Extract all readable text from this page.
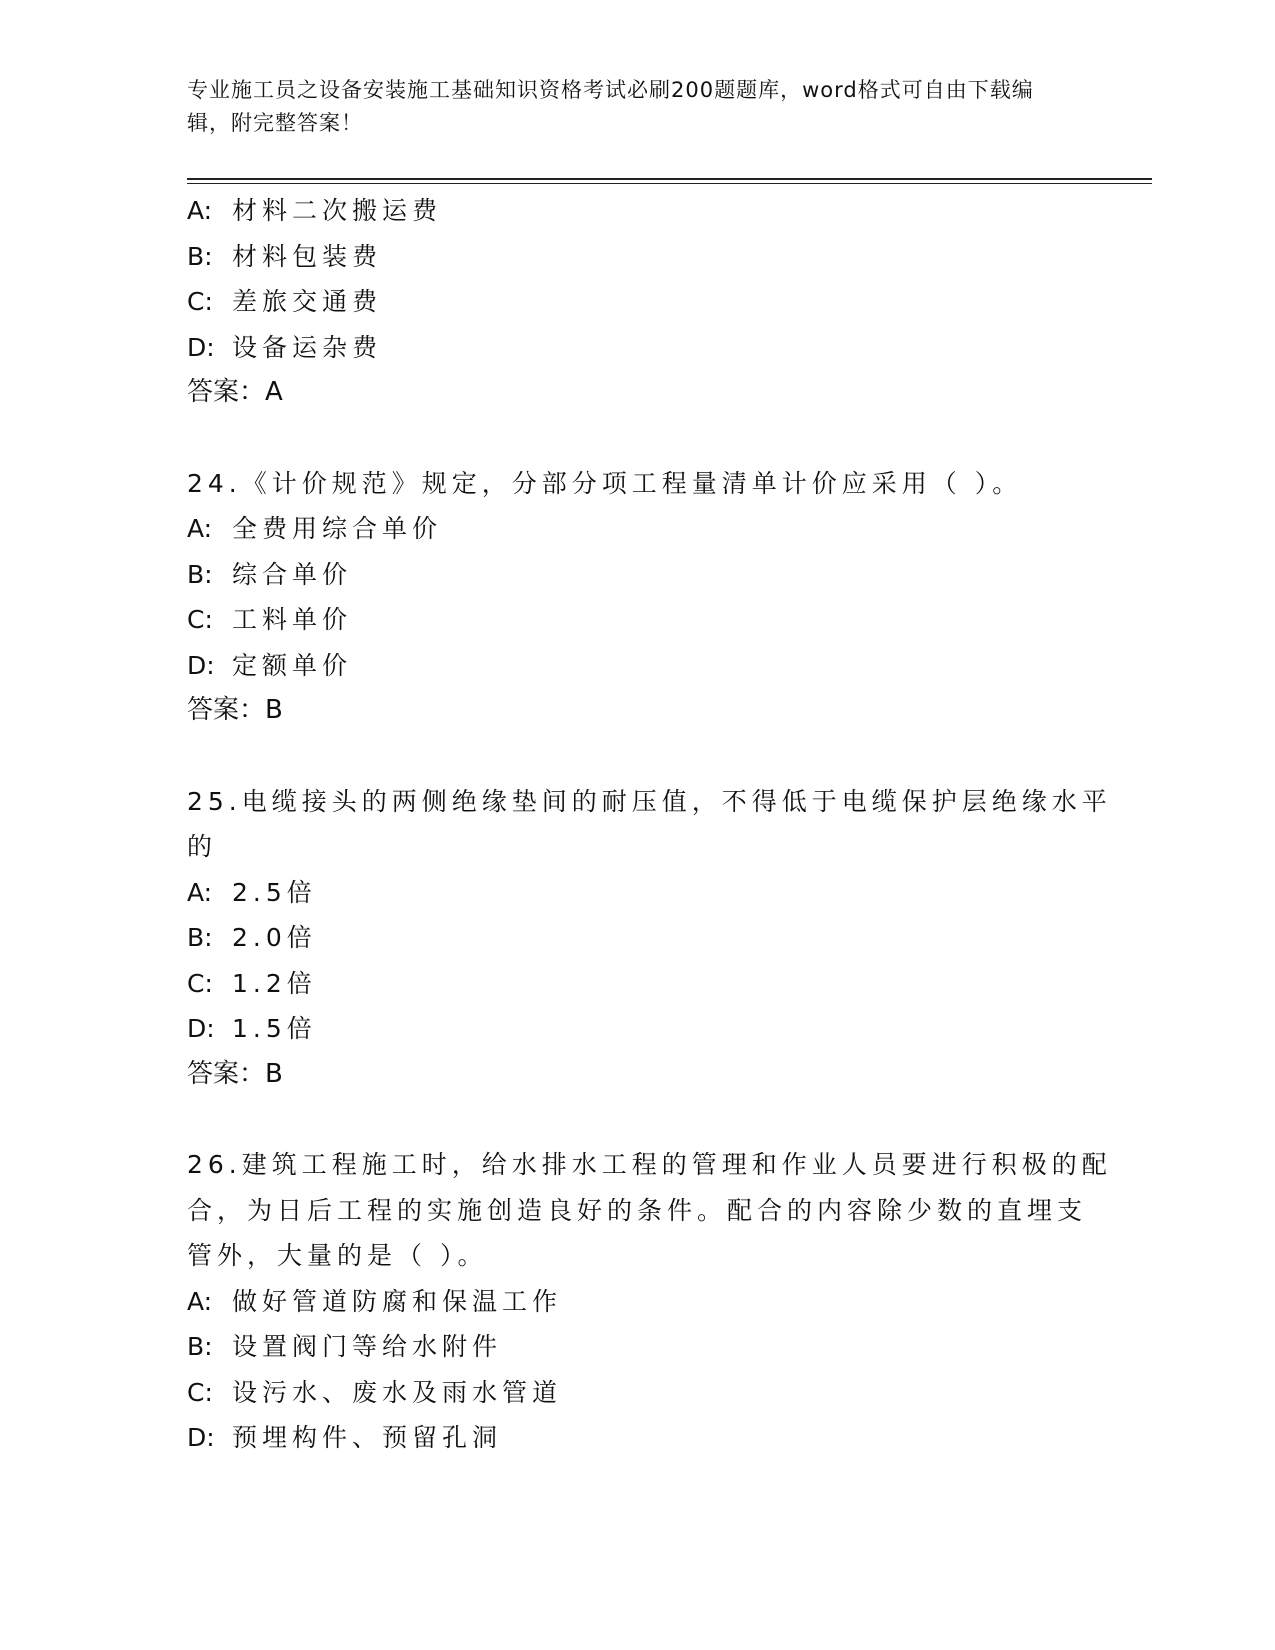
专业施工员之设备安装施工基础知识资格考试必刷200题题库，word格式可自由下载编辑，附完整答案！

A: 材料二次搬运费

B: 材料包装费

C: 差旅交通费

D: 设备运杂费

答案：A

24.《计价规范》规定，分部分项工程量清单计价应采用（ ）。

A: 全费用综合单价

B: 综合单价

C: 工料单价

D: 定额单价

答案：B

25.电缆接头的两侧绝缘垫间的耐压值，不得低于电缆保护层绝缘水平

的

A: 2.5倍

B: 2.0倍

C: 1.2倍

D: 1.5倍

答案：B

26.建筑工程施工时，给水排水工程的管理和作业人员要进行积极的配

合，为日后工程的实施创造良好的条件。配合的内容除少数的直埋支

管外，大量的是（ ）。

A: 做好管道防腐和保温工作

B: 设置阀门等给水附件

C: 设污水、废水及雨水管道

D: 预埋构件、预留孔洞
